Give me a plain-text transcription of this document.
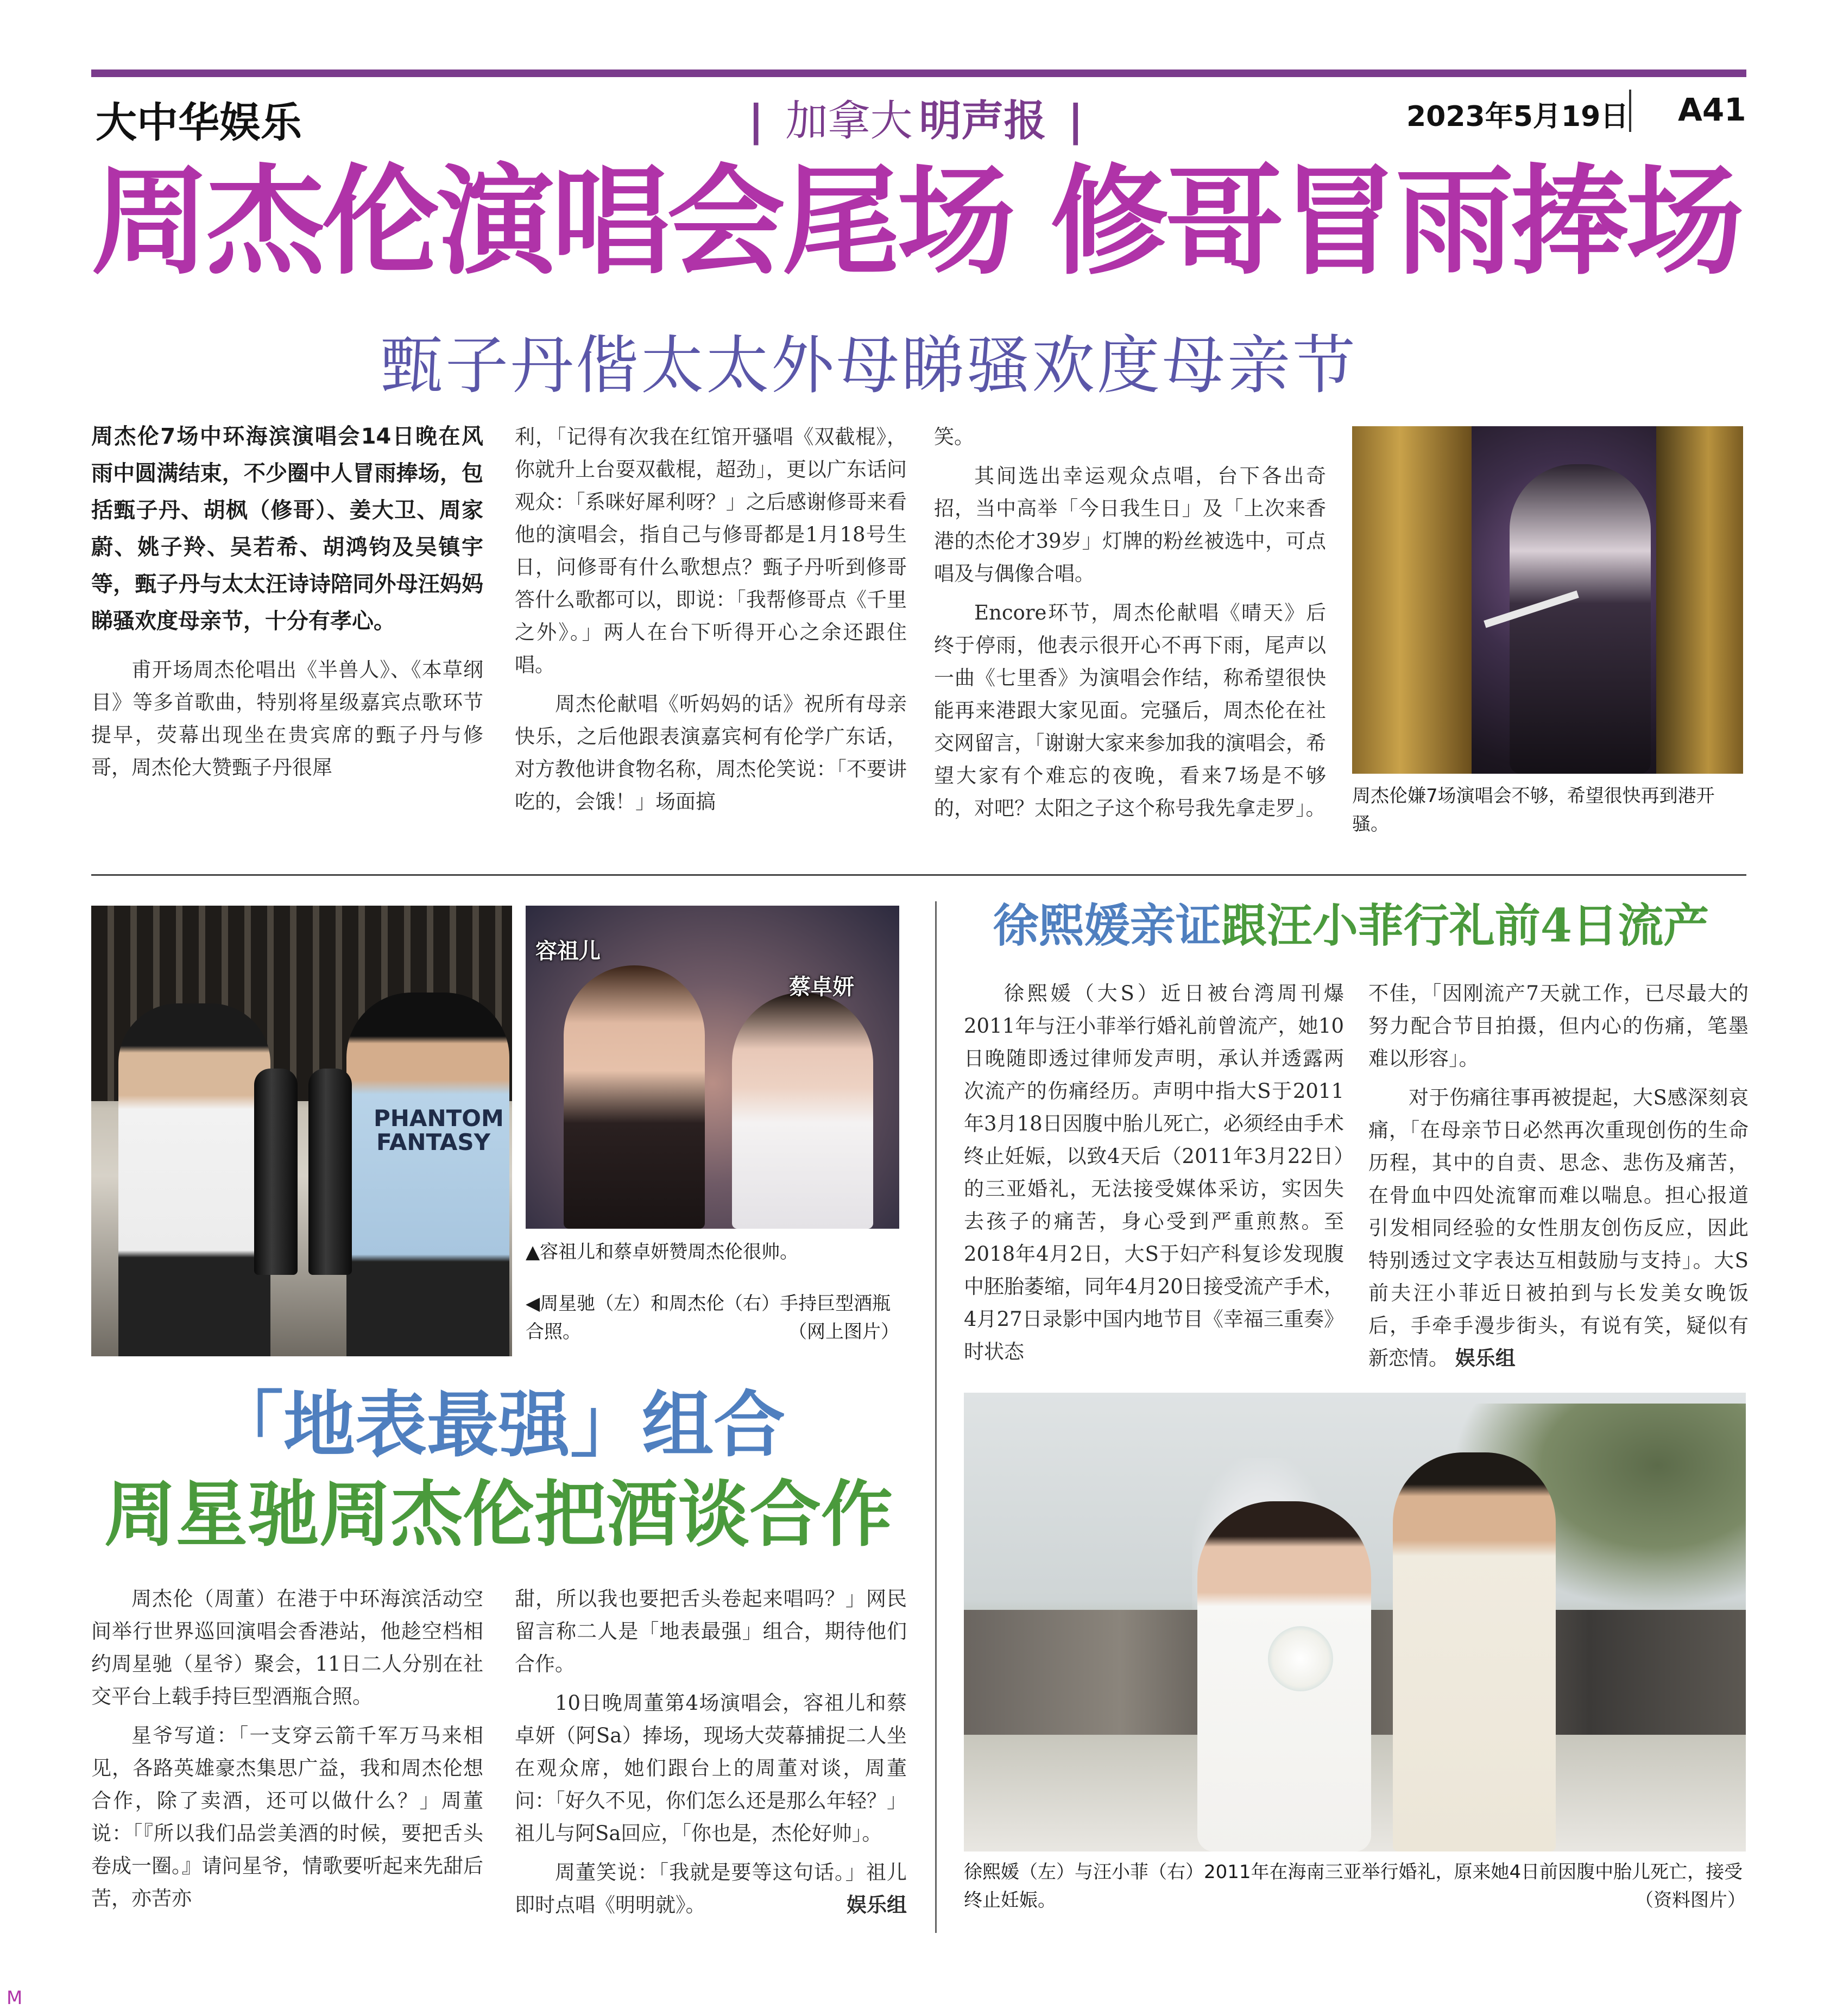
大中华娱乐	| 加拿大 明声报 |	2023年5月19日 A41
周杰伦演唱会尾场 修哥冒雨捧场
甄子丹偕太太外母睇骚欢度母亲节
周杰伦7场中环海滨演唱会14日晚在风雨中圆满结束，不少圈中人冒雨捧场，包括甄子丹、胡枫（修哥）、姜大卫、周家蔚、姚子羚、吴若希、胡鸿钧及吴镇宇等，甄子丹与太太汪诗诗陪同外母汪妈妈睇骚欢度母亲节，十分有孝心。

甫开场周杰伦唱出《半兽人》、《本草纲目》等多首歌曲，特别将星级嘉宾点歌环节提早，荧幕出现坐在贵宾席的甄子丹与修哥，周杰伦大赞甄子丹很犀

利，「记得有次我在红馆开骚唱《双截棍》，你就升上台耍双截棍，超劲」，更以广东话问观众：「系咪好犀利呀？」之后感谢修哥来看他的演唱会，指自己与修哥都是1月18号生日，问修哥有什么歌想点？甄子丹听到修哥答什么歌都可以，即说：「我帮修哥点《千里之外》。」两人在台下听得开心之余还跟住唱。

周杰伦献唱《听妈妈的话》祝所有母亲快乐，之后他跟表演嘉宾柯有伦学广东话，对方教他讲食物名称，周杰伦笑说：「不要讲吃的，会饿！」场面搞

笑。

其间选出幸运观众点唱，台下各出奇招，当中高举「今日我生日」及「上次来香港的杰伦才39岁」灯牌的粉丝被选中，可点唱及与偶像合唱。

Encore环节，周杰伦献唱《晴天》后终于停雨，他表示很开心不再下雨，尾声以一曲《七里香》为演唱会作结，称希望很快能再来港跟大家见面。完骚后，周杰伦在社交网留言，「谢谢大家来参加我的演唱会，希望大家有个难忘的夜晚，看来7场是不够的，对吧？太阳之子这个称号我先拿走罗」。

周杰伦嫌7场演唱会不够，希望很快再到港开骚。
PHANTOM FANTASY
容祖儿
蔡卓妍
▲容祖儿和蔡卓妍赞周杰伦很帅。
◀周星驰（左）和周杰伦（右）手持巨型酒瓶合照。	（网上图片）
「地表最强」组合
周星驰周杰伦把酒谈合作

周杰伦（周董）在港于中环海滨活动空间举行世界巡回演唱会香港站，他趁空档相约周星驰（星爷）聚会，11日二人分别在社交平台上载手持巨型酒瓶合照。

星爷写道：「一支穿云箭千军万马来相见，各路英雄豪杰集思广益，我和周杰伦想合作，除了卖酒，还可以做什么？」周董说：「『所以我们品尝美酒的时候，要把舌头卷成一圈。』请问星爷，情歌要听起来先甜后苦，亦苦亦

甜，所以我也要把舌头卷起来唱吗？」网民留言称二人是「地表最强」组合，期待他们合作。

10日晚周董第4场演唱会，容祖儿和蔡卓妍（阿Sa）捧场，现场大荧幕捕捉二人坐在观众席，她们跟台上的周董对谈，周董问：「好久不见，你们怎么还是那么年轻？」祖儿与阿Sa回应，「你也是，杰伦好帅」。

周董笑说：「我就是要等这句话。」祖儿即时点唱《明明就》。	娱乐组

徐熙媛亲证跟汪小菲行礼前4日流产

徐熙媛（大S）近日被台湾周刊爆2011年与汪小菲举行婚礼前曾流产，她10日晚随即透过律师发声明，承认并透露两次流产的伤痛经历。声明中指大S于2011年3月18日因腹中胎儿死亡，必须经由手术终止妊娠，以致4天后（2011年3月22日）的三亚婚礼，无法接受媒体采访，实因失去孩子的痛苦，身心受到严重煎熬。至2018年4月2日，大S于妇产科复诊发现腹中胚胎萎缩，同年4月20日接受流产手术，4月27日录影中国内地节目《幸福三重奏》时状态

不佳，「因刚流产7天就工作，已尽最大的努力配合节目拍摄，但内心的伤痛，笔墨难以形容」。

对于伤痛往事再被提起，大S感深刻哀痛，「在母亲节日必然再次重现创伤的生命历程，其中的自责、思念、悲伤及痛苦，在骨血中四处流窜而难以喘息。担心报道引发相同经验的女性朋友创伤反应，因此特别透过文字表达互相鼓励与支持」。大S前夫汪小菲近日被拍到与长发美女晚饭后，手牵手漫步街头，有说有笑，疑似有新恋情。 娱乐组

徐熙媛（左）与汪小菲（右）2011年在海南三亚举行婚礼，原来她4日前因腹中胎儿死亡，接受终止妊娠。	（资料图片）
M
